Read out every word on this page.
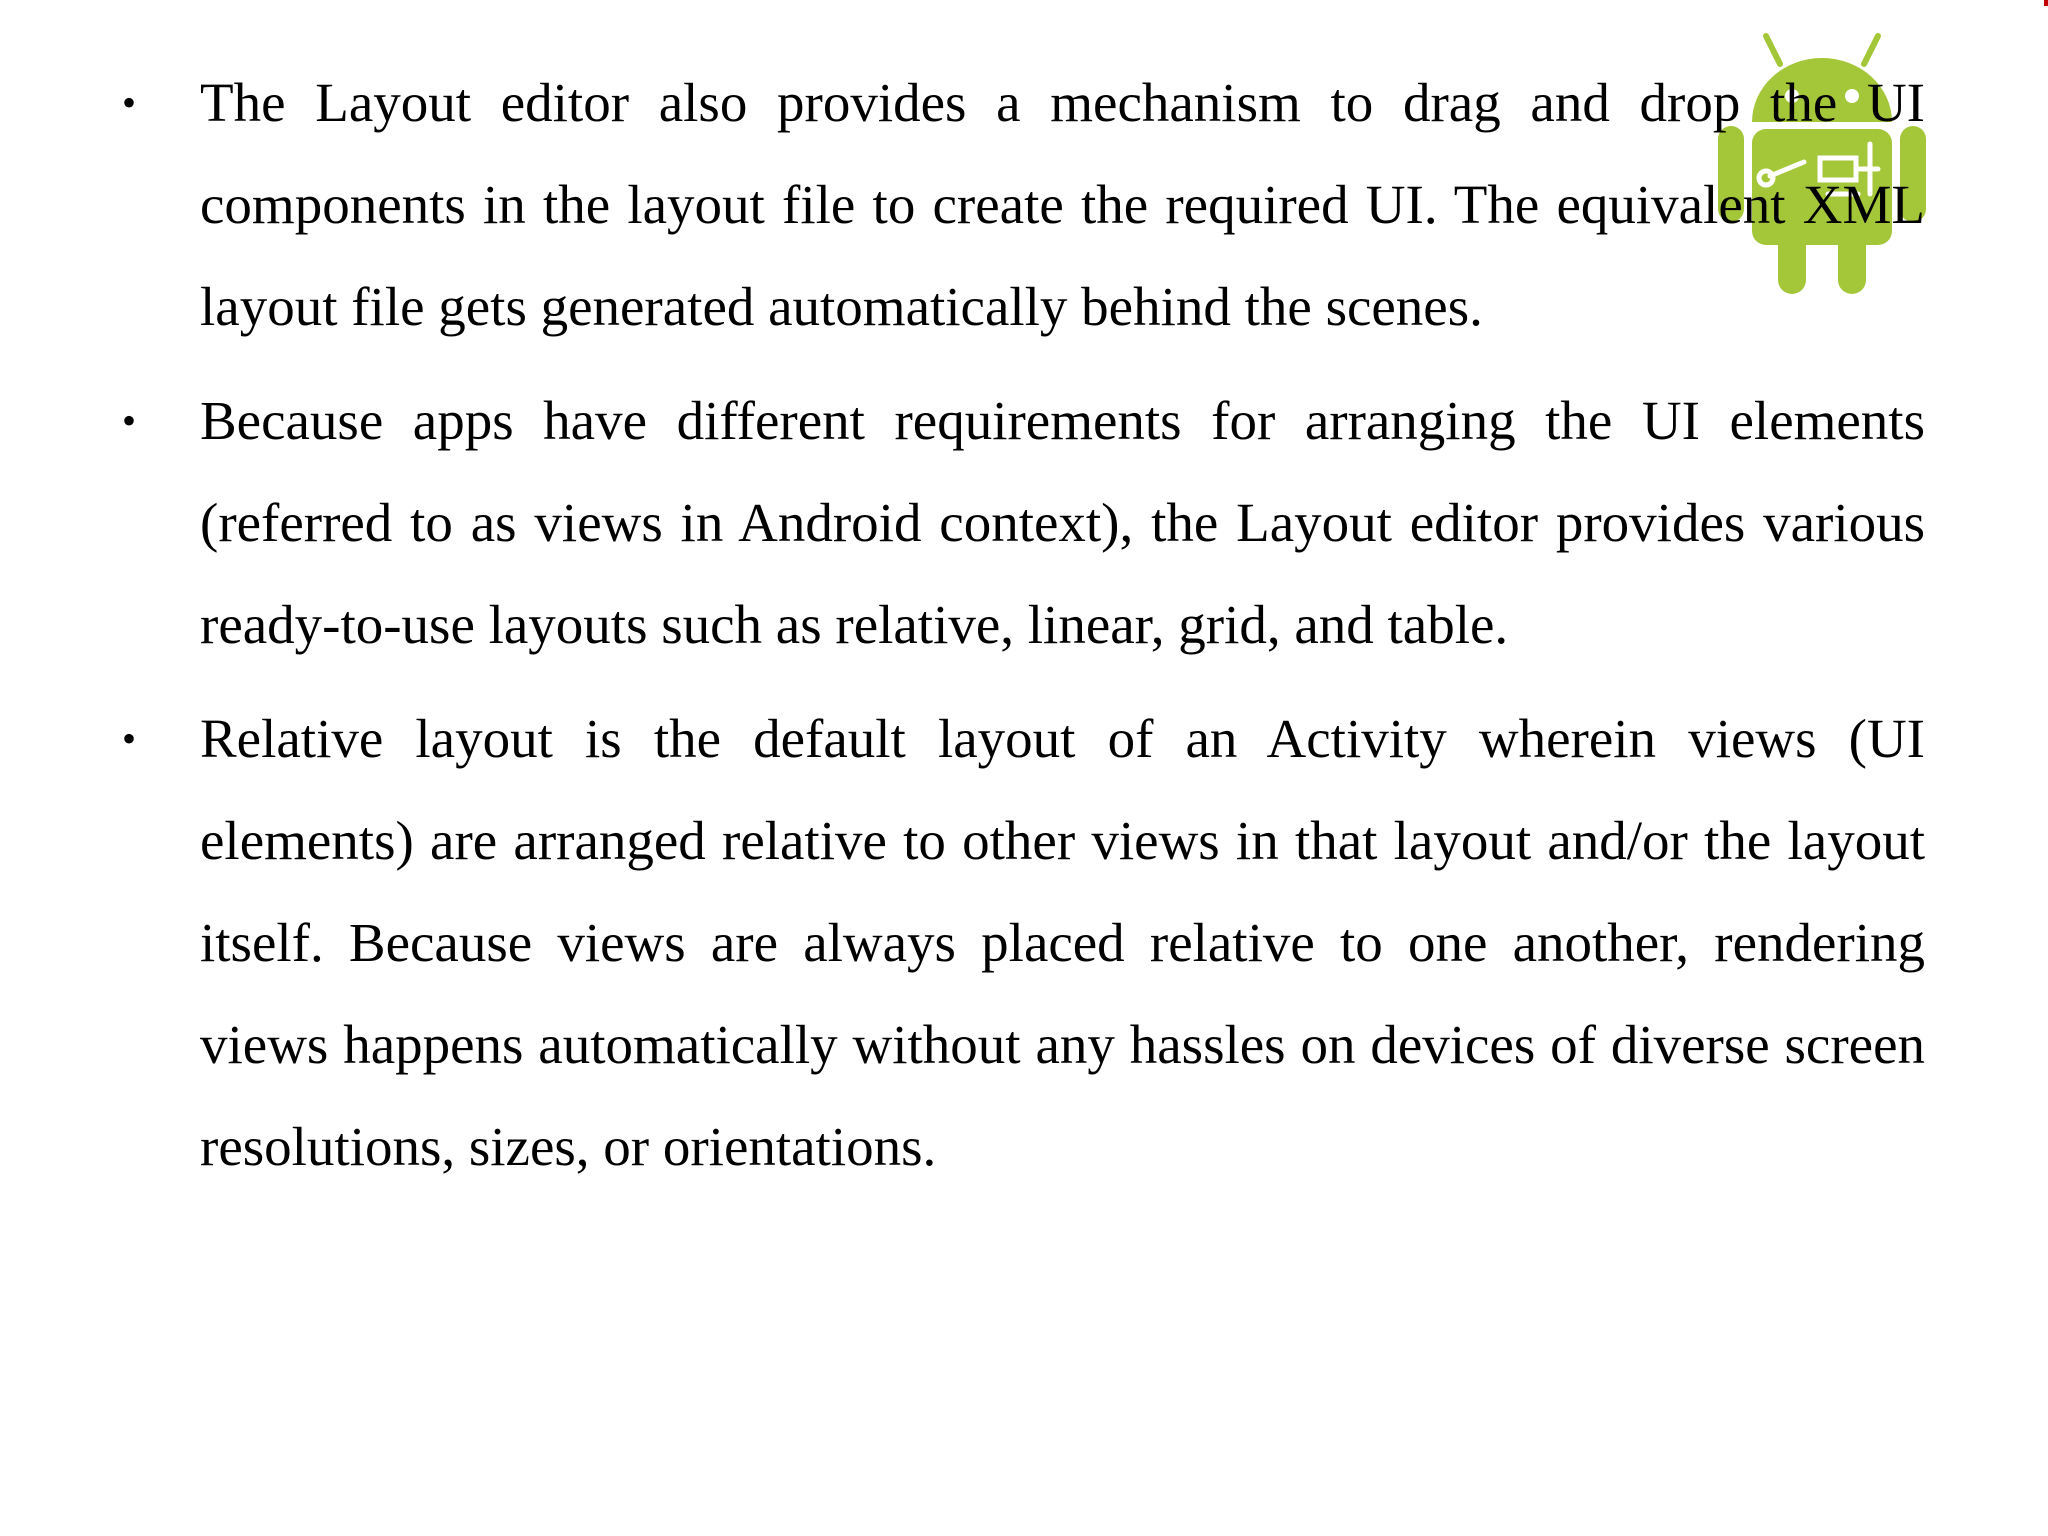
• The Layout editor also provides a mechanism to drag and drop the UI components in the layout file to create the required UI. The equivalent XML layout file gets generated automatically behind the scenes.
• Because apps have different requirements for arranging the UI elements (referred to as views in Android context), the Layout editor provides various ready-to-use layouts such as relative, linear, grid, and table.
• Relative layout is the default layout of an Activity wherein views (UI elements) are arranged relative to other views in that layout and/or the layout itself. Because views are always placed relative to one another, rendering views happens automatically without any hassles on devices of diverse screen resolutions, sizes, or orientations.
